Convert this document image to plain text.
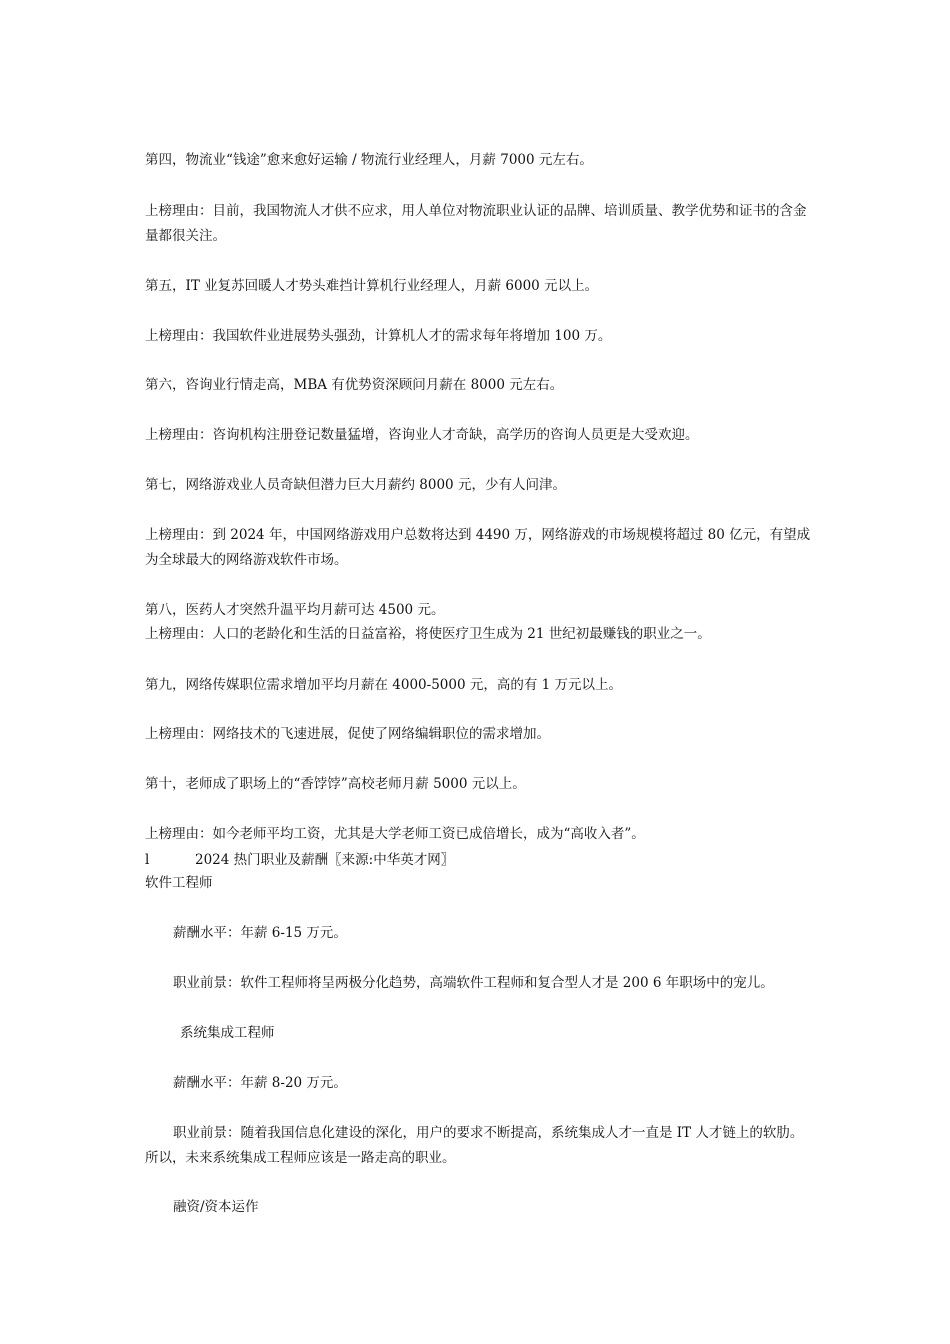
第四，物流业“钱途”愈来愈好运输 / 物流行业经理人，月薪 7000 元左右。
上榜理由：目前，我国物流人才供不应求，用人单位对物流职业认证的品牌、培训质量、教学优势和证书的含金量都很关注。
第五，IT 业复苏回暖人才势头难挡计算机行业经理人，月薪 6000 元以上。
上榜理由：我国软件业进展势头强劲，计算机人才的需求每年将增加 100 万。
第六，咨询业行情走高，MBA 有优势资深顾问月薪在 8000 元左右。
上榜理由：咨询机构注册登记数量猛增，咨询业人才奇缺，高学历的咨询人员更是大受欢迎。
第七，网络游戏业人员奇缺但潜力巨大月薪约 8000 元，少有人问津。
上榜理由：到 2024 年，中国网络游戏用户总数将达到 4490 万，网络游戏的市场规模将超过 80 亿元，有望成为全球最大的网络游戏软件市场。
第八，医药人才突然升温平均月薪可达 4500 元。
上榜理由：人口的老龄化和生活的日益富裕，将使医疗卫生成为 21 世纪初最赚钱的职业之一。
第九，网络传媒职位需求增加平均月薪在 4000-5000 元，高的有 1 万元以上。
上榜理由：网络技术的飞速进展，促使了网络编辑职位的需求增加。
第十，老师成了职场上的“香饽饽”高校老师月薪 5000 元以上。
上榜理由：如今老师平均工资，尤其是大学老师工资已成倍增长，成为“高收入者”。
l	2024 热门职业及薪酬〖来源:中华英才网〗
软件工程师
薪酬水平：年薪 6-15 万元。
职业前景：软件工程师将呈两极分化趋势，高端软件工程师和复合型人才是 200 6 年职场中的宠儿。
系统集成工程师
薪酬水平：年薪 8-20 万元。
职业前景：随着我国信息化建设的深化，用户的要求不断提高，系统集成人才一直是 IT 人才链上的软肋。所以，未来系统集成工程师应该是一路走高的职业。
融资/资本运作
